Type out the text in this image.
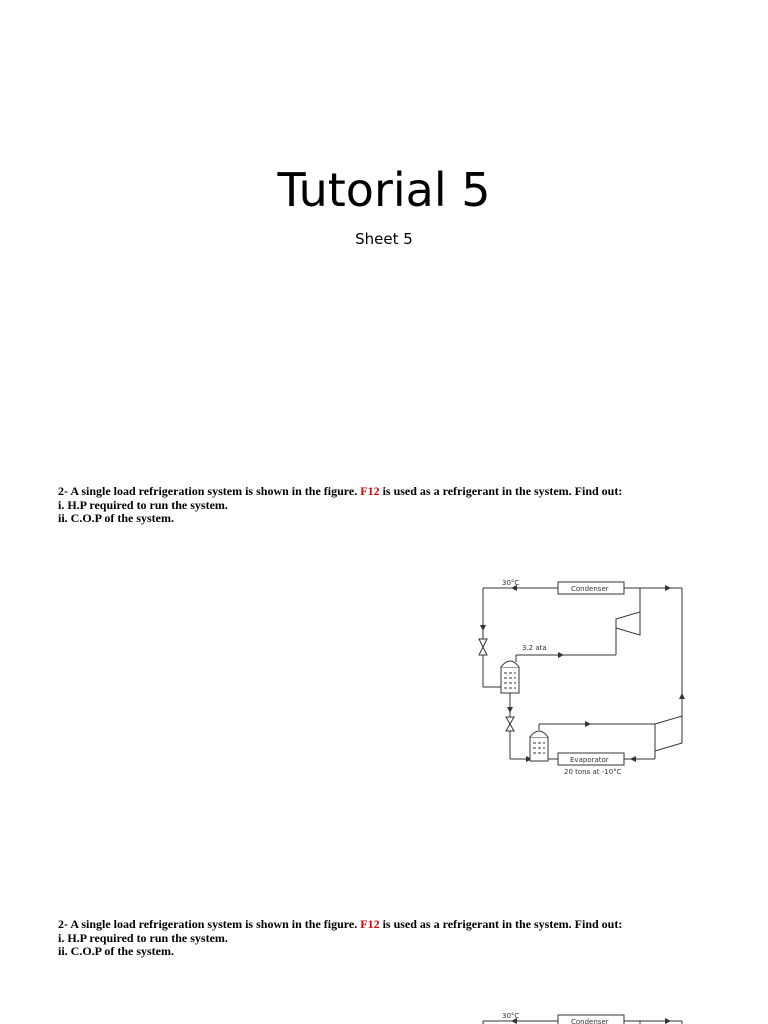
Tutorial 5
Sheet 5
2- A single load refrigeration system is shown in the figure. F12 is used as a refrigerant in the system. Find out:
i. H.P required to run the system.
ii. C.O.P of the system.
30°C
Condenser
3.2 ata
Evaporator
20 tons at -10°C
2- A single load refrigeration system is shown in the figure. F12 is used as a refrigerant in the system. Find out:
i. H.P required to run the system.
ii. C.O.P of the system.
30°C
Condenser
